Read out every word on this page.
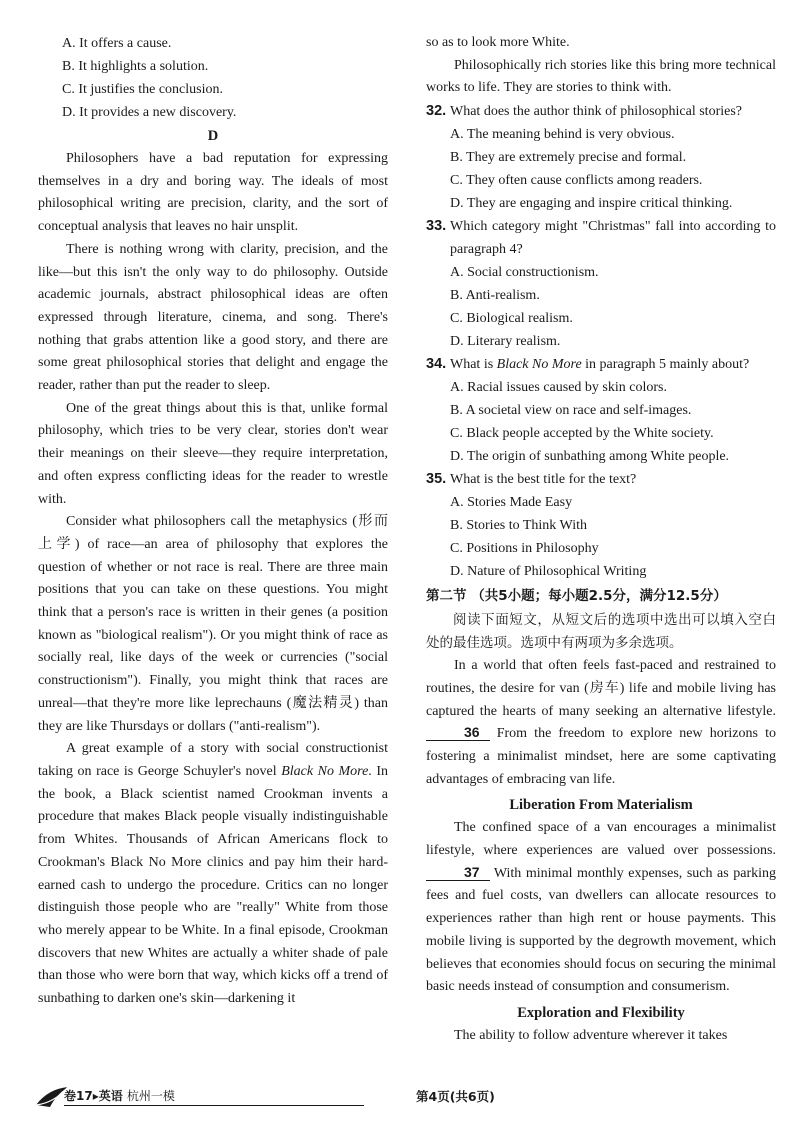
A. It offers a cause.
B. It highlights a solution.
C. It justifies the conclusion.
D. It provides a new discovery.
D

Philosophers have a bad reputation for expressing themselves in a dry and boring way. The ideals of most philosophical writing are precision, clarity, and the sort of conceptual analysis that leaves no hair unsplit.

There is nothing wrong with clarity, precision, and the like—but this isn't the only way to do philosophy. Outside academic journals, abstract philosophical ideas are often expressed through literature, cinema, and song. There's nothing that grabs attention like a good story, and there are some great philosophical stories that delight and engage the reader, rather than put the reader to sleep.

One of the great things about this is that, unlike formal philosophy, which tries to be very clear, stories don't wear their meanings on their sleeve—they require interpretation, and often express conflicting ideas for the reader to wrestle with.

Consider what philosophers call the metaphysics (形而上学) of race—an area of philosophy that explores the question of whether or not race is real. There are three main positions that you can take on these questions. You might think that a person's race is written in their genes (a position known as "biological realism"). Or you might think of race as socially real, like days of the week or currencies ("social constructionism"). Finally, you might think that races are unreal—that they're more like leprechauns (魔法精灵) than they are like Thursdays or dollars ("anti-realism").

A great example of a story with social constructionist taking on race is George Schuyler's novel Black No More. In the book, a Black scientist named Crookman invents a procedure that makes Black people visually indistinguishable from Whites. Thousands of African Americans flock to Crookman's Black No More clinics and pay him their hard-earned cash to undergo the procedure. Critics can no longer distinguish those people who are "really" White from those who merely appear to be White. In a final episode, Crookman discovers that new Whites are actually a whiter shade of pale than those who were born that way, which kicks off a trend of sunbathing to darken one's skin—darkening it

so as to look more White.

Philosophically rich stories like this bring more technical works to life. They are stories to think with.

32. What does the author think of philosophical stories?
A. The meaning behind is very obvious.
B. They are extremely precise and formal.
C. They often cause conflicts among readers.
D. They are engaging and inspire critical thinking.
33. Which category might "Christmas" fall into according to paragraph 4?
A. Social constructionism.
B. Anti-realism.
C. Biological realism.
D. Literary realism.
34. What is Black No More in paragraph 5 mainly about?
A. Racial issues caused by skin colors.
B. A societal view on race and self-images.
C. Black people accepted by the White society.
D. The origin of sunbathing among White people.
35. What is the best title for the text?
A. Stories Made Easy
B. Stories to Think With
C. Positions in Philosophy
D. Nature of Philosophical Writing
第二节 （共5小题；每小题2.5分，满分12.5分）

阅读下面短文，从短文后的选项中选出可以填入空白处的最佳选项。选项中有两项为多余选项。

In a world that often feels fast-paced and restrained to routines, the desire for van (房车) life and mobile living has captured the hearts of many seeking an alternative lifestyle. 36 From the freedom to explore new horizons to fostering a minimalist mindset, here are some captivating advantages of embracing van life.

Liberation From Materialism

The confined space of a van encourages a minimalist lifestyle, where experiences are valued over possessions. 37 With minimal monthly expenses, such as parking fees and fuel costs, van dwellers can allocate resources to experiences rather than high rent or house payments. This mobile living is supported by the degrowth movement, which believes that economies should focus on securing the minimal basic needs instead of consumption and consumerism.

Exploration and Flexibility

The ability to follow adventure wherever it takes

卷17▸英语 杭州一模	第4页(共6页)
